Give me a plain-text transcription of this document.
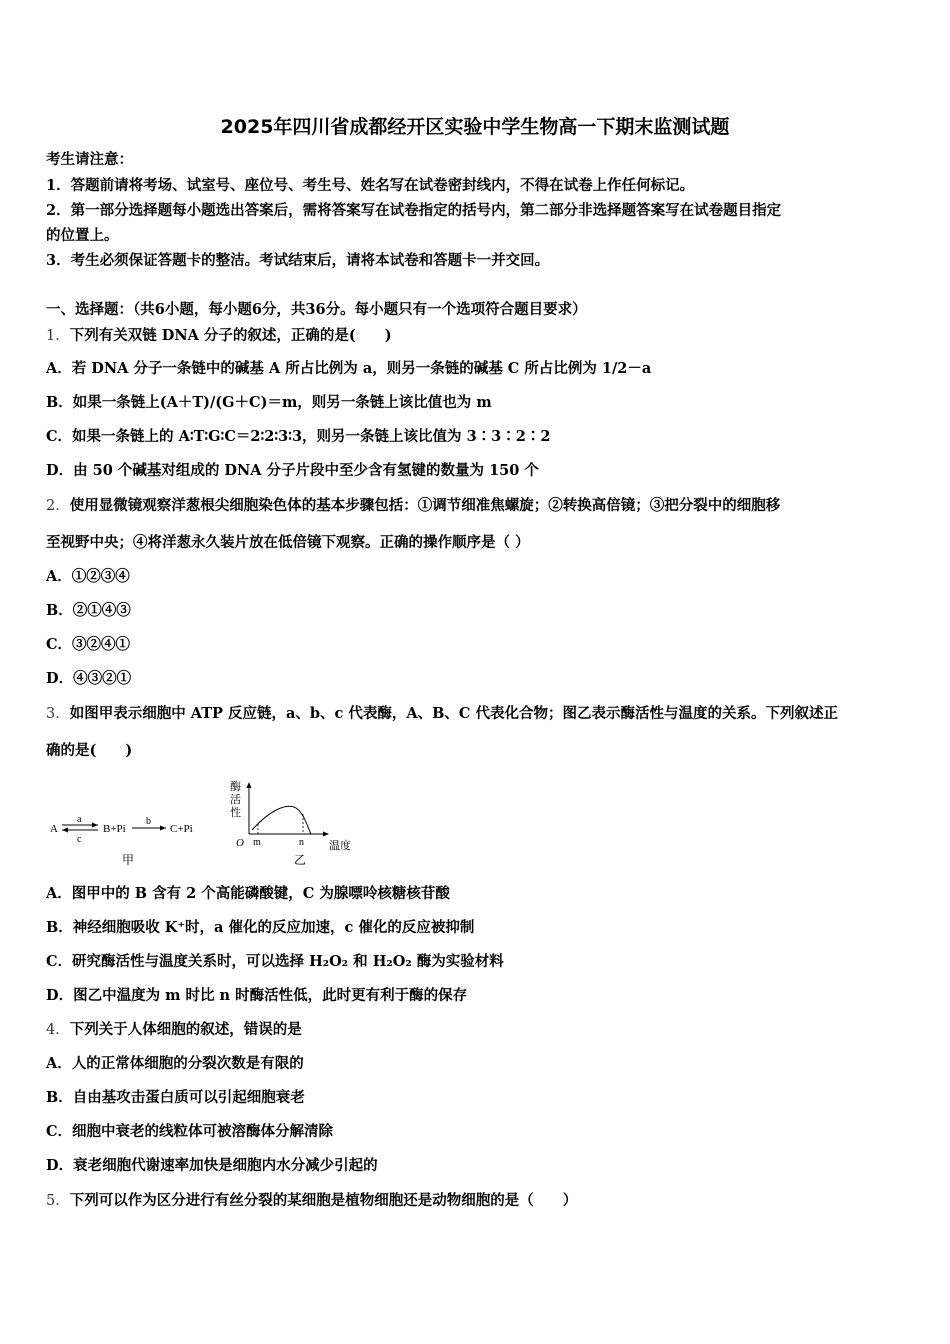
2025年四川省成都经开区实验中学生物高一下期末监测试题
考生请注意：
1．答题前请将考场、试室号、座位号、考生号、姓名写在试卷密封线内，不得在试卷上作任何标记。
2．第一部分选择题每小题选出答案后，需将答案写在试卷指定的括号内，第二部分非选择题答案写在试卷题目指定
的位置上。
3．考生必须保证答题卡的整洁。考试结束后，请将本试卷和答题卡一并交回。
一、选择题：（共6小题，每小题6分，共36分。每小题只有一个选项符合题目要求）
1．下列有关双链 DNA 分子的叙述，正确的是(　　)
A．若 DNA 分子一条链中的碱基 A 所占比例为 a，则另一条链的碱基 C 所占比例为 1/2－a
B．如果一条链上(A＋T)/(G＋C)＝m，则另一条链上该比值也为 m
C．如果一条链上的 A∶T∶G∶C＝2∶2∶3∶3，则另一条链上该比值为 3∶3∶2∶2
D．由 50 个碱基对组成的 DNA 分子片段中至少含有氢键的数量为 150 个
2．使用显微镜观察洋葱根尖细胞染色体的基本步骤包括：①调节细准焦螺旋；②转换高倍镜；③把分裂中的细胞移
至视野中央；④将洋葱永久装片放在低倍镜下观察。正确的操作顺序是（ ）
A．①②③④
B．②①④③
C．③②④①
D．④③②①
3．如图甲表示细胞中 ATP 反应链，a、b、c 代表酶，A、B、C 代表化合物；图乙表示酶活性与温度的关系。下列叙述正
确的是(　　)
A
a
c
B+Pi
b
C+Pi
甲
酶
活
性
O m	n 温度
乙
A．图甲中的 B 含有 2 个高能磷酸键，C 为腺嘌呤核糖核苷酸
B．神经细胞吸收 K⁺时，a 催化的反应加速，c 催化的反应被抑制
C．研究酶活性与温度关系时，可以选择 H₂O₂ 和 H₂O₂ 酶为实验材料
D．图乙中温度为 m 时比 n 时酶活性低，此时更有利于酶的保存
4．下列关于人体细胞的叙述，错误的是
A．人的正常体细胞的分裂次数是有限的
B．自由基攻击蛋白质可以引起细胞衰老
C．细胞中衰老的线粒体可被溶酶体分解清除
D．衰老细胞代谢速率加快是细胞内水分减少引起的
5．下列可以作为区分进行有丝分裂的某细胞是植物细胞还是动物细胞的是（　　）
